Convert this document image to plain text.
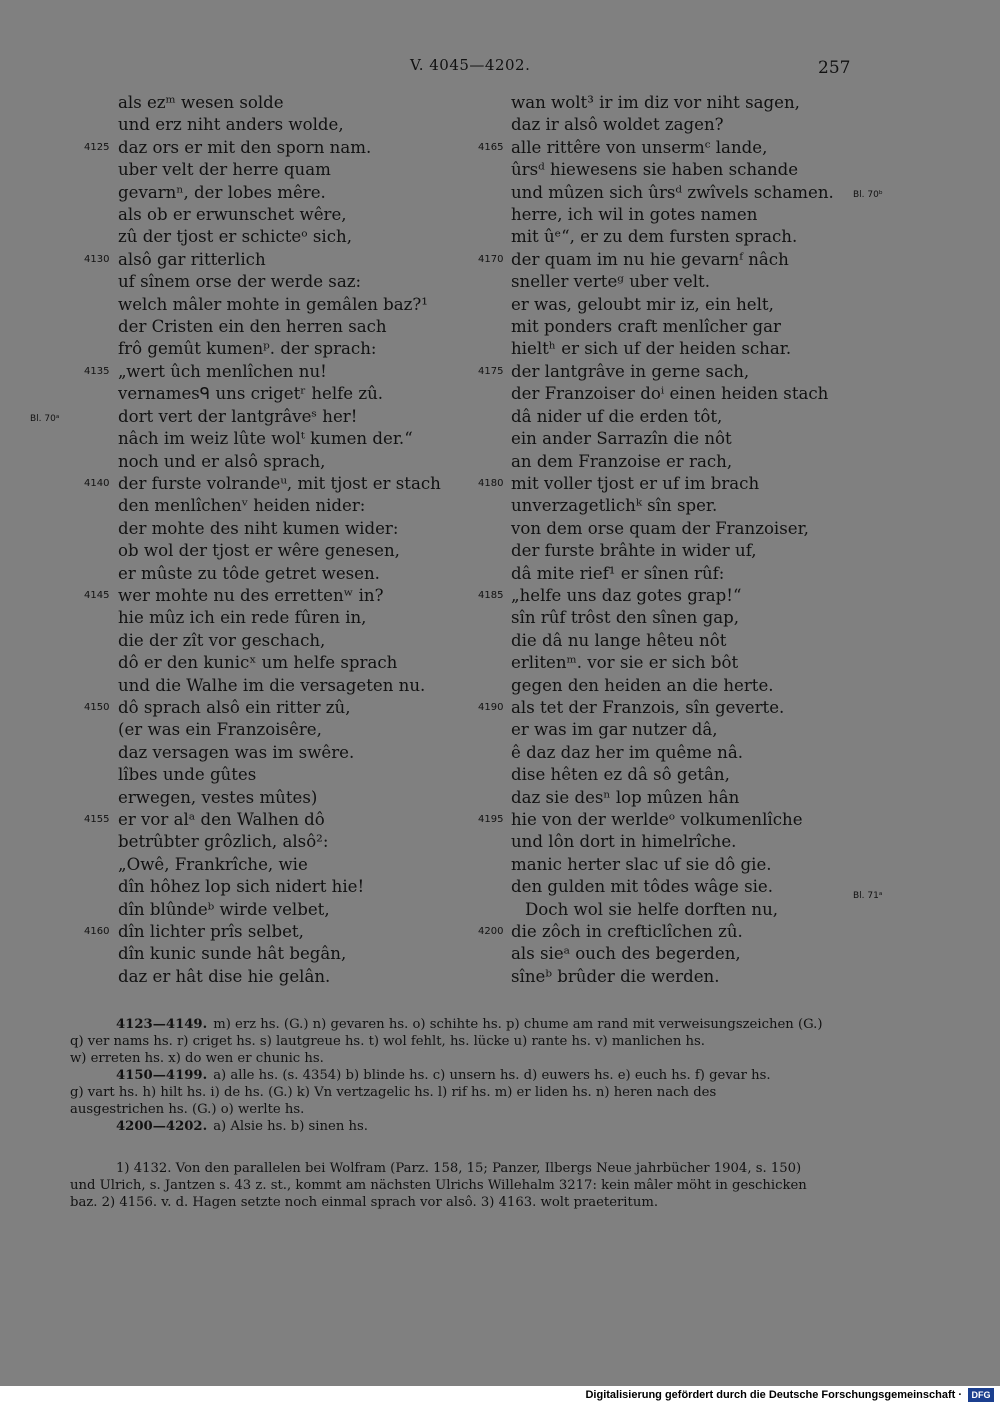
V. 4045—4202.	257
als ezᵐ wesen solde
und erz niht anders wolde,
4125 daz ors er mit den sporn nam.
uber velt der herre quam
gevarnⁿ, der lobes mêre.
als ob er erwunschet wêre,
zû der tjost er schicteᵒ sich,
4130 alsô gar ritterlich
uf sînem orse der werde saz:
welch mâler mohte in gemâlen baz?¹
der Cristen ein den herren sach
frô gemût kumenᵖ. der sprach:
4135 „wert ûch menlîchen nu!
vernamesᑫ uns crigetʳ helfe zû.
dort vert der lantgrâveˢ her!
nâch im weiz lûte wolᵗ kumen der.“
noch und er alsô sprach,
4140 der furste volrandeᵘ, mit tjost er stach
den menlîchenᵛ heiden nider:
der mohte des niht kumen wider:
ob wol der tjost er wêre genesen,
er mûste zu tôde getret wesen.
4145 wer mohte nu des errettenʷ in?
hie mûz ich ein rede fûren in,
die der zît vor geschach,
dô er den kunicˣ um helfe sprach
und die Walhe im die versageten nu.
4150 dô sprach alsô ein ritter zû,
(er was ein Franzoisêre,
daz versagen was im swêre.
lîbes unde gûtes
erwegen, vestes mûtes)
4155 er vor alᵃ den Walhen dô
betrûbter grôzlich, alsô²:
„Owê, Frankrîche, wie
dîn hôhez lop sich nidert hie!
dîn blûndeᵇ wirde velbet,
4160 dîn lichter prîs selbet,
dîn kunic sunde hât begân,
daz er hât dise hie gelân.
wan wolt³ ir im diz vor niht sagen,
daz ir alsô woldet zagen?
4165 alle rittêre von unsermᶜ lande,
ûrsᵈ hiewesens sie haben schande
und mûzen sich ûrsᵈ zwîvels schamen.
herre, ich wil in gotes namen
mit ûᵉ“, er zu dem fursten sprach.
4170 der quam im nu hie gevarnᶠ nâch
sneller verteᵍ uber velt.
er was, geloubt mir iz, ein helt,
mit ponders craft menlîcher gar
hieltʰ er sich uf der heiden schar.
4175 der lantgrâve in gerne sach,
der Franzoiser doⁱ einen heiden stach
dâ nider uf die erden tôt,
ein ander Sarrazîn die nôt
an dem Franzoise er rach,
4180 mit voller tjost er uf im brach
unverzagetlichᵏ sîn sper.
von dem orse quam der Franzoiser,
der furste brâhte in wider uf,
dâ mite rief¹ er sînen rûf:
4185 „helfe uns daz gotes grap!“
sîn rûf trôst den sînen gap,
die dâ nu lange hêteu nôt
erlitenᵐ. vor sie er sich bôt
gegen den heiden an die herte.
4190 als tet der Franzois, sîn geverte.
er was im gar nutzer dâ,
ê daz daz her im quême nâ.
dise hêten ez dâ sô getân,
daz sie desⁿ lop mûzen hân
4195 hie von der werldeᵒ volkumenlîche
und lôn dort in himelrîche.
manic herter slac uf sie dô gie.
den gulden mit tôdes wâge sie.
Doch wol sie helfe dorften nu,
4200 die zôch in crefticlîchen zû.
als sieᵃ ouch des begerden,
sîneᵇ brûder die werden.
Bl. 70ᵃ
Bl. 70ᵇ
Bl. 71ᵃ
4123—4149. m) erz hs. (G.) n) gevaren hs. o) schihte hs. p) chume am rand mit verweisungszeichen (G.)
q) ver nams hs. r) criget hs. s) lautgreue hs. t) wol fehlt, hs. lücke u) rante hs. v) manlichen hs.
w) erreten hs. x) do wen er chunic hs.
4150—4199. a) alle hs. (s. 4354) b) blinde hs. c) unsern hs. d) euwers hs. e) euch hs. f) gevar hs.
g) vart hs. h) hilt hs. i) de hs. (G.) k) Vn vertzagelic hs. l) rif hs. m) er liden hs. n) heren nach des
ausgestrichen hs. (G.) o) werlte hs.
4200—4202. a) Alsie hs. b) sinen hs.
1) 4132. Von den parallelen bei Wolfram (Parz. 158, 15; Panzer, Ilbergs Neue jahrbücher 1904, s. 150)
und Ulrich, s. Jantzen s. 43 z. st., kommt am nächsten Ulrichs Willehalm 3217: kein mâler möht in geschicken
baz. 2) 4156. v. d. Hagen setzte noch einmal sprach vor alsô. 3) 4163. wolt praeteritum.
Digitalisierung gefördert durch die Deutsche Forschungsgemeinschaft ·	DFG
